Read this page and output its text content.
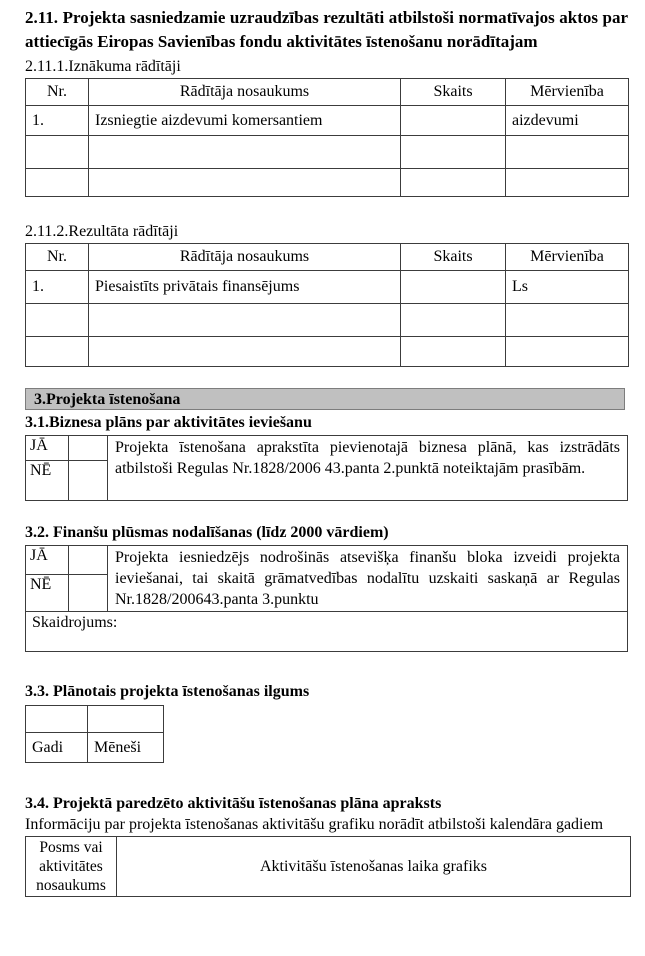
2.11. Projekta sasniedzamie uzraudzības rezultāti atbilstoši normatīvajos aktos par attiecīgās Eiropas Savienības fondu aktivitātes īstenošanu norādītajam
2.11.1.Iznākuma rādītāji
Nr.	Rādītāja nosaukums	Skaits	Mērvienība
1.	Izsniegtie aizdevumi komersantiem		aizdevumi

2.11.2.Rezultāta rādītāji
Nr.	Rādītāja nosaukums	Skaits	Mērvienība
1.	Piesaistīts privātais finansējums		Ls

3.Projekta īstenošana
3.1.Biznesa plāns par aktivitātes ieviešanu
JĀ		Projekta īstenošana aprakstīta pievienotajā biznesa plānā, kas izstrādāts atbilstoši Regulas Nr.1828/2006 43.panta 2.punktā noteiktajām prasībām.
NĒ		
3.2. Finanšu plūsmas nodalīšanas (līdz 2000 vārdiem)
JĀ		Projekta iesniedzējs nodrošinās atsevišķa finanšu bloka izveidi projekta ieviešanai, tai skaitā grāmatvedības nodalītu uzskaiti saskaņā ar Regulas Nr.1828/200643.panta 3.punktu
NĒ		
Skaidrojums:		
3.3. Plānotais projekta īstenošanas ilgums

Gadi	Mēneši
3.4. Projektā paredzēto aktivitāšu īstenošanas plāna apraksts
Informāciju par projekta īstenošanas aktivitāšu grafiku norādīt atbilstoši kalendāra gadiem
Posms vai aktivitātes nosaukums	Aktivitāšu īstenošanas laika grafiks
